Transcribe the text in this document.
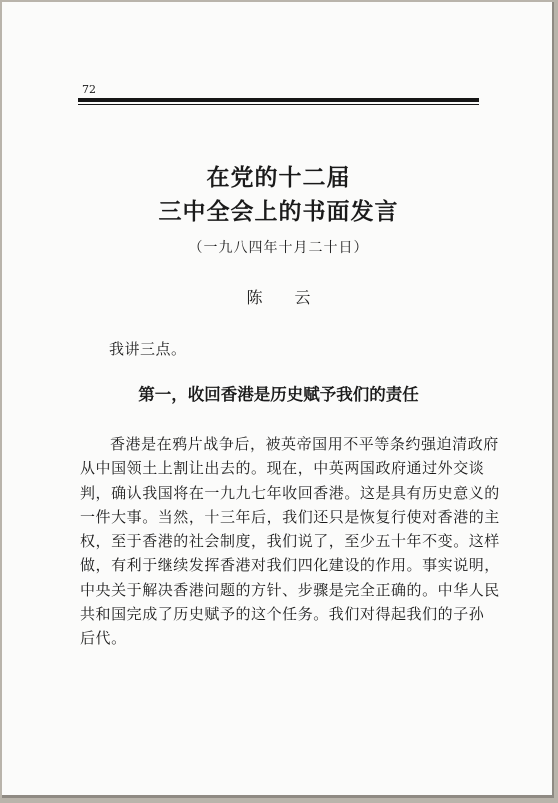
72
在党的十二届
三中全会上的书面发言
（一九八四年十月二十日）
陈 云
我讲三点。
第一，收回香港是历史赋予我们的责任
香港是在鸦片战争后，被英帝国用不平等条约强迫清政府
从中国领土上割让出去的。现在，中英两国政府通过外交谈
判，确认我国将在一九九七年收回香港。这是具有历史意义的
一件大事。当然，十三年后，我们还只是恢复行使对香港的主
权，至于香港的社会制度，我们说了，至少五十年不变。这样
做，有利于继续发挥香港对我们四化建设的作用。事实说明，
中央关于解决香港问题的方针、步骤是完全正确的。中华人民
共和国完成了历史赋予的这个任务。我们对得起我们的子孙
后代。
